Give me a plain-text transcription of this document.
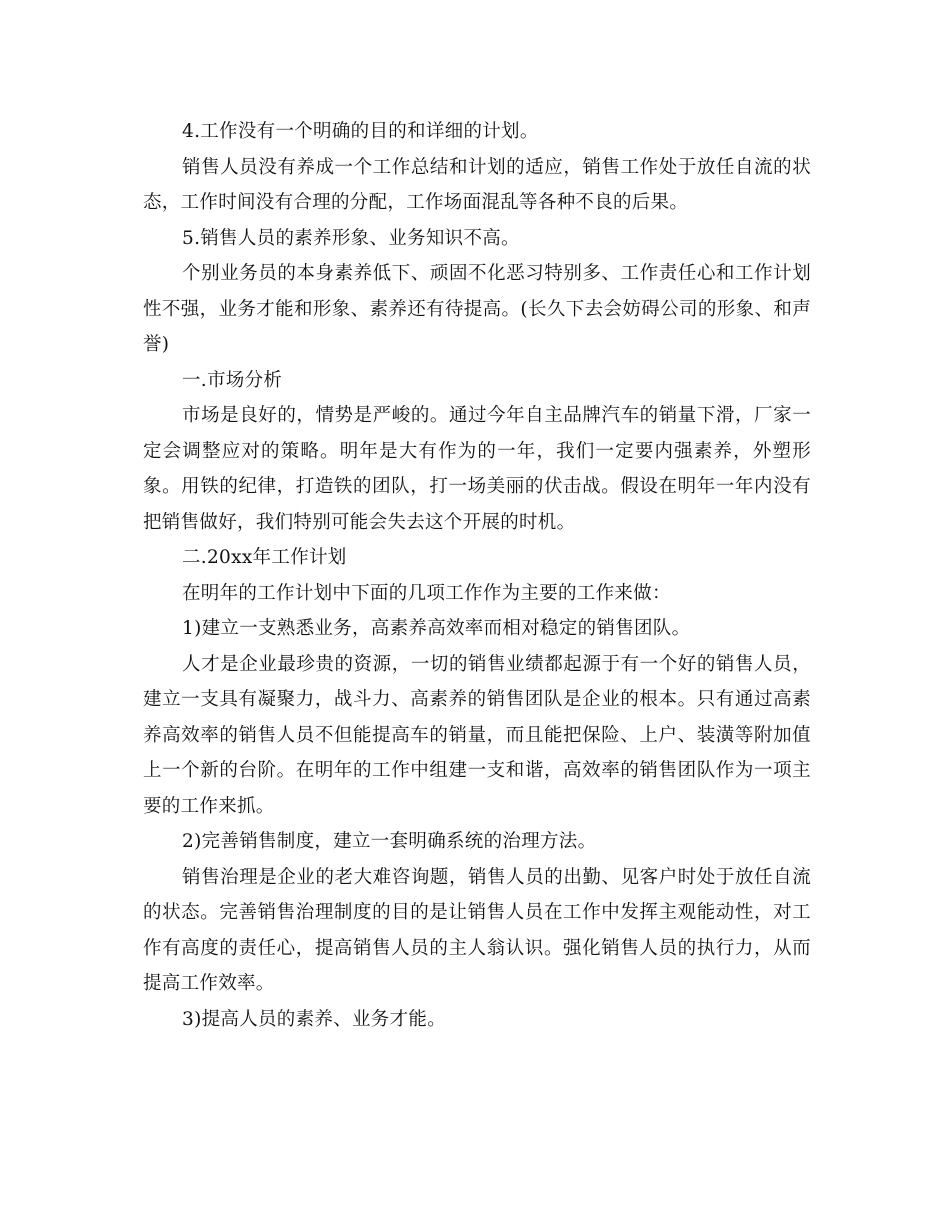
4.工作没有一个明确的目的和详细的计划。

销售人员没有养成一个工作总结和计划的适应，销售工作处于放任自流的状态，工作时间没有合理的分配，工作场面混乱等各种不良的后果。

5.销售人员的素养形象、业务知识不高。

个别业务员的本身素养低下、顽固不化恶习特别多、工作责任心和工作计划性不强，业务才能和形象、素养还有待提高。(长久下去会妨碍公司的形象、和声誉)

一.市场分析

市场是良好的，情势是严峻的。通过今年自主品牌汽车的销量下滑，厂家一定会调整应对的策略。明年是大有作为的一年，我们一定要内强素养，外塑形象。用铁的纪律，打造铁的团队，打一场美丽的伏击战。假设在明年一年内没有把销售做好，我们特别可能会失去这个开展的时机。

二.20xx年工作计划

在明年的工作计划中下面的几项工作作为主要的工作来做：

1)建立一支熟悉业务，高素养高效率而相对稳定的销售团队。

人才是企业最珍贵的资源，一切的销售业绩都起源于有一个好的销售人员，建立一支具有凝聚力，战斗力、高素养的销售团队是企业的根本。只有通过高素养高效率的销售人员不但能提高车的销量，而且能把保险、上户、装潢等附加值上一个新的台阶。在明年的工作中组建一支和谐，高效率的销售团队作为一项主要的工作来抓。

2)完善销售制度，建立一套明确系统的治理方法。

销售治理是企业的老大难咨询题，销售人员的出勤、见客户时处于放任自流的状态。完善销售治理制度的目的是让销售人员在工作中发挥主观能动性，对工作有高度的责任心，提高销售人员的主人翁认识。强化销售人员的执行力，从而提高工作效率。

3)提高人员的素养、业务才能。
